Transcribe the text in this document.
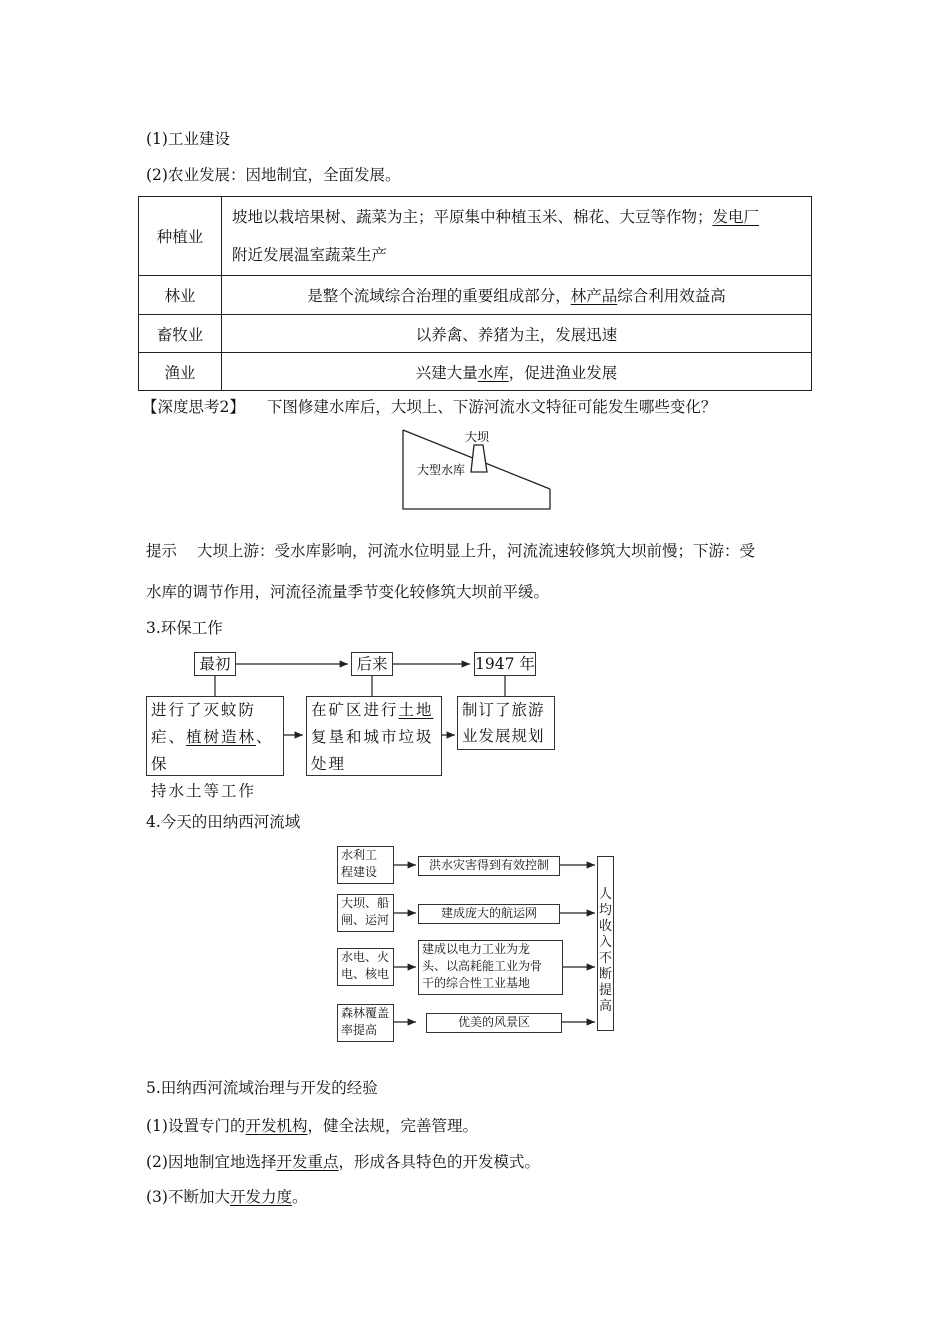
(1)工业建设
(2)农业发展：因地制宜，全面发展。
种植业	坡地以栽培果树、蔬菜为主；平原集中种植玉米、棉花、大豆等作物；发电厂
附近发展温室蔬菜生产
林业	是整个流域综合治理的重要组成部分，林产品综合利用效益高
畜牧业	以养禽、养猪为主，发展迅速
渔业	兴建大量水库，促进渔业发展
【深度思考2】 下图修建水库后，大坝上、下游河流水文特征可能发生哪些变化？
大坝
大型水库
提示 大坝上游：受水库影响，河流水位明显上升，河流流速较修筑大坝前慢；下游：受
水库的调节作用，河流径流量季节变化较修筑大坝前平缓。
3.环保工作
最初	后来	1947 年
进行了灭蚊防
疟、植树造林、保
持水土等工作
在矿区进行土地
复垦和城市垃圾
处理
制订了旅游
业发展规划
4.今天的田纳西河流域
水利工
程建设
大坝、船
闸、运河
水电、火
电、核电
森林覆盖
率提高
洪水灾害得到有效控制
建成庞大的航运网
建成以电力工业为龙
头、以高耗能工业为骨
干的综合性工业基地
优美的风景区
人
均
收
入
不
断
提
高
5.田纳西河流域治理与开发的经验
(1)设置专门的开发机构，健全法规，完善管理。
(2)因地制宜地选择开发重点，形成各具特色的开发模式。
(3)不断加大开发力度。
